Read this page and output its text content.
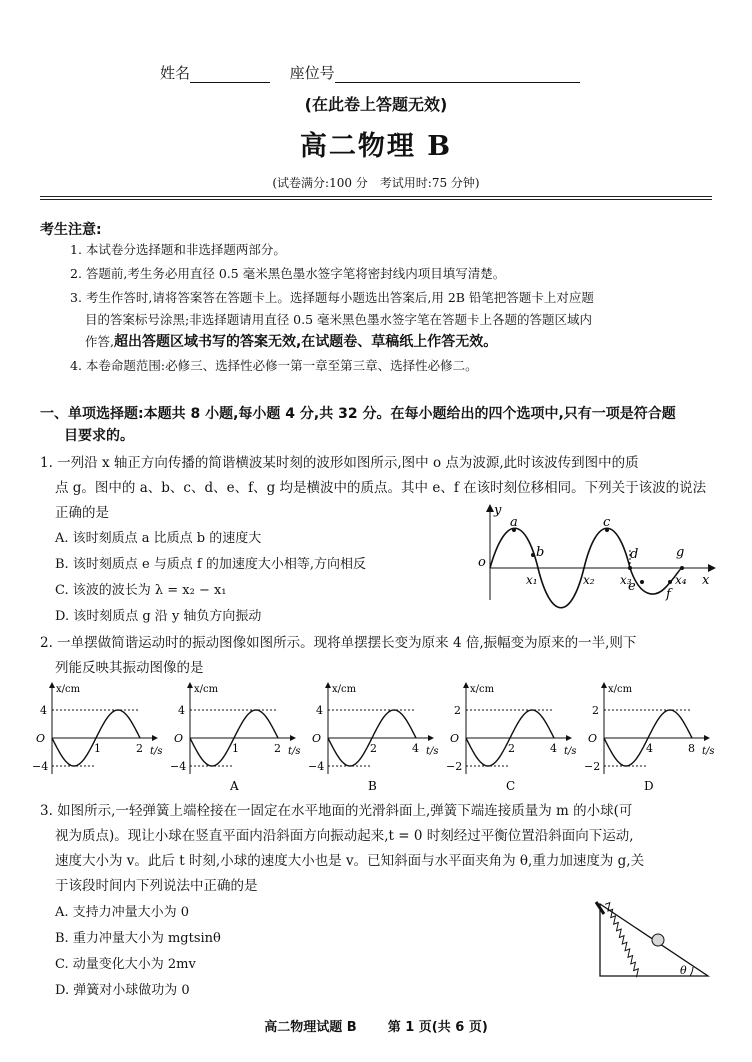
姓名	座位号
(在此卷上答题无效)
高二物理 B
(试卷满分:100 分　考试用时:75 分钟)
考生注意:
1. 本试卷分选择题和非选择题两部分。
2. 答题前,考生务必用直径 0.5 毫米黑色墨水签字笔将密封线内项目填写清楚。
3. 考生作答时,请将答案答在答题卡上。选择题每小题选出答案后,用 2B 铅笔把答题卡上对应题
目的答案标号涂黑;非选择题请用直径 0.5 毫米黑色墨水签字笔在答题卡上各题的答题区域内
作答,超出答题区域书写的答案无效,在试题卷、草稿纸上作答无效。
4. 本卷命题范围:必修三、选择性必修一第一章至第三章、选择性必修二。
一、单项选择题:本题共 8 小题,每小题 4 分,共 32 分。在每小题给出的四个选项中,只有一项是符合题
目要求的。
1. 一列沿 x 轴正方向传播的简谐横波某时刻的波形如图所示,图中 o 点为波源,此时该波传到图中的质
点 g。图中的 a、b、c、d、e、f、g 均是横波中的质点。其中 e、f 在该时刻位移相同。下列关于该波的说法
正确的是
A. 该时刻质点 a 比质点 b 的速度大
B. 该时刻质点 e 与质点 f 的加速度大小相等,方向相反
C. 该波的波长为 λ = x₂ − x₁
D. 该时刻质点 g 沿 y 轴负方向振动
y
o
x
a
b
c
d
e
f
g
x₁	x₂ x₃	x₄
2. 一单摆做简谐运动时的振动图像如图所示。现将单摆摆长变为原来 4 倍,振幅变为原来的一半,则下
列能反映其振动图像的是
x/cm
t/s
4
−4
O
1	2
x/cm
t/s
4
−4
O
1	2
A
x/cm
t/s
4
−4
O
2	4
B
x/cm
t/s
2
−2
O
2	4
C
x/cm
t/s
2
−2
O
4	8
D
3. 如图所示,一轻弹簧上端栓接在一固定在水平地面的光滑斜面上,弹簧下端连接质量为 m 的小球(可
视为质点)。现让小球在竖直平面内沿斜面方向振动起来,t = 0 时刻经过平衡位置沿斜面向下运动,
速度大小为 v。此后 t 时刻,小球的速度大小也是 v。已知斜面与水平面夹角为 θ,重力加速度为 g,关
于该段时间内下列说法中正确的是
A. 支持力冲量大小为 0
B. 重力冲量大小为 mgtsinθ
C. 动量变化大小为 2mv
D. 弹簧对小球做功为 0
θ
高二物理试题 B 第 1 页(共 6 页)
